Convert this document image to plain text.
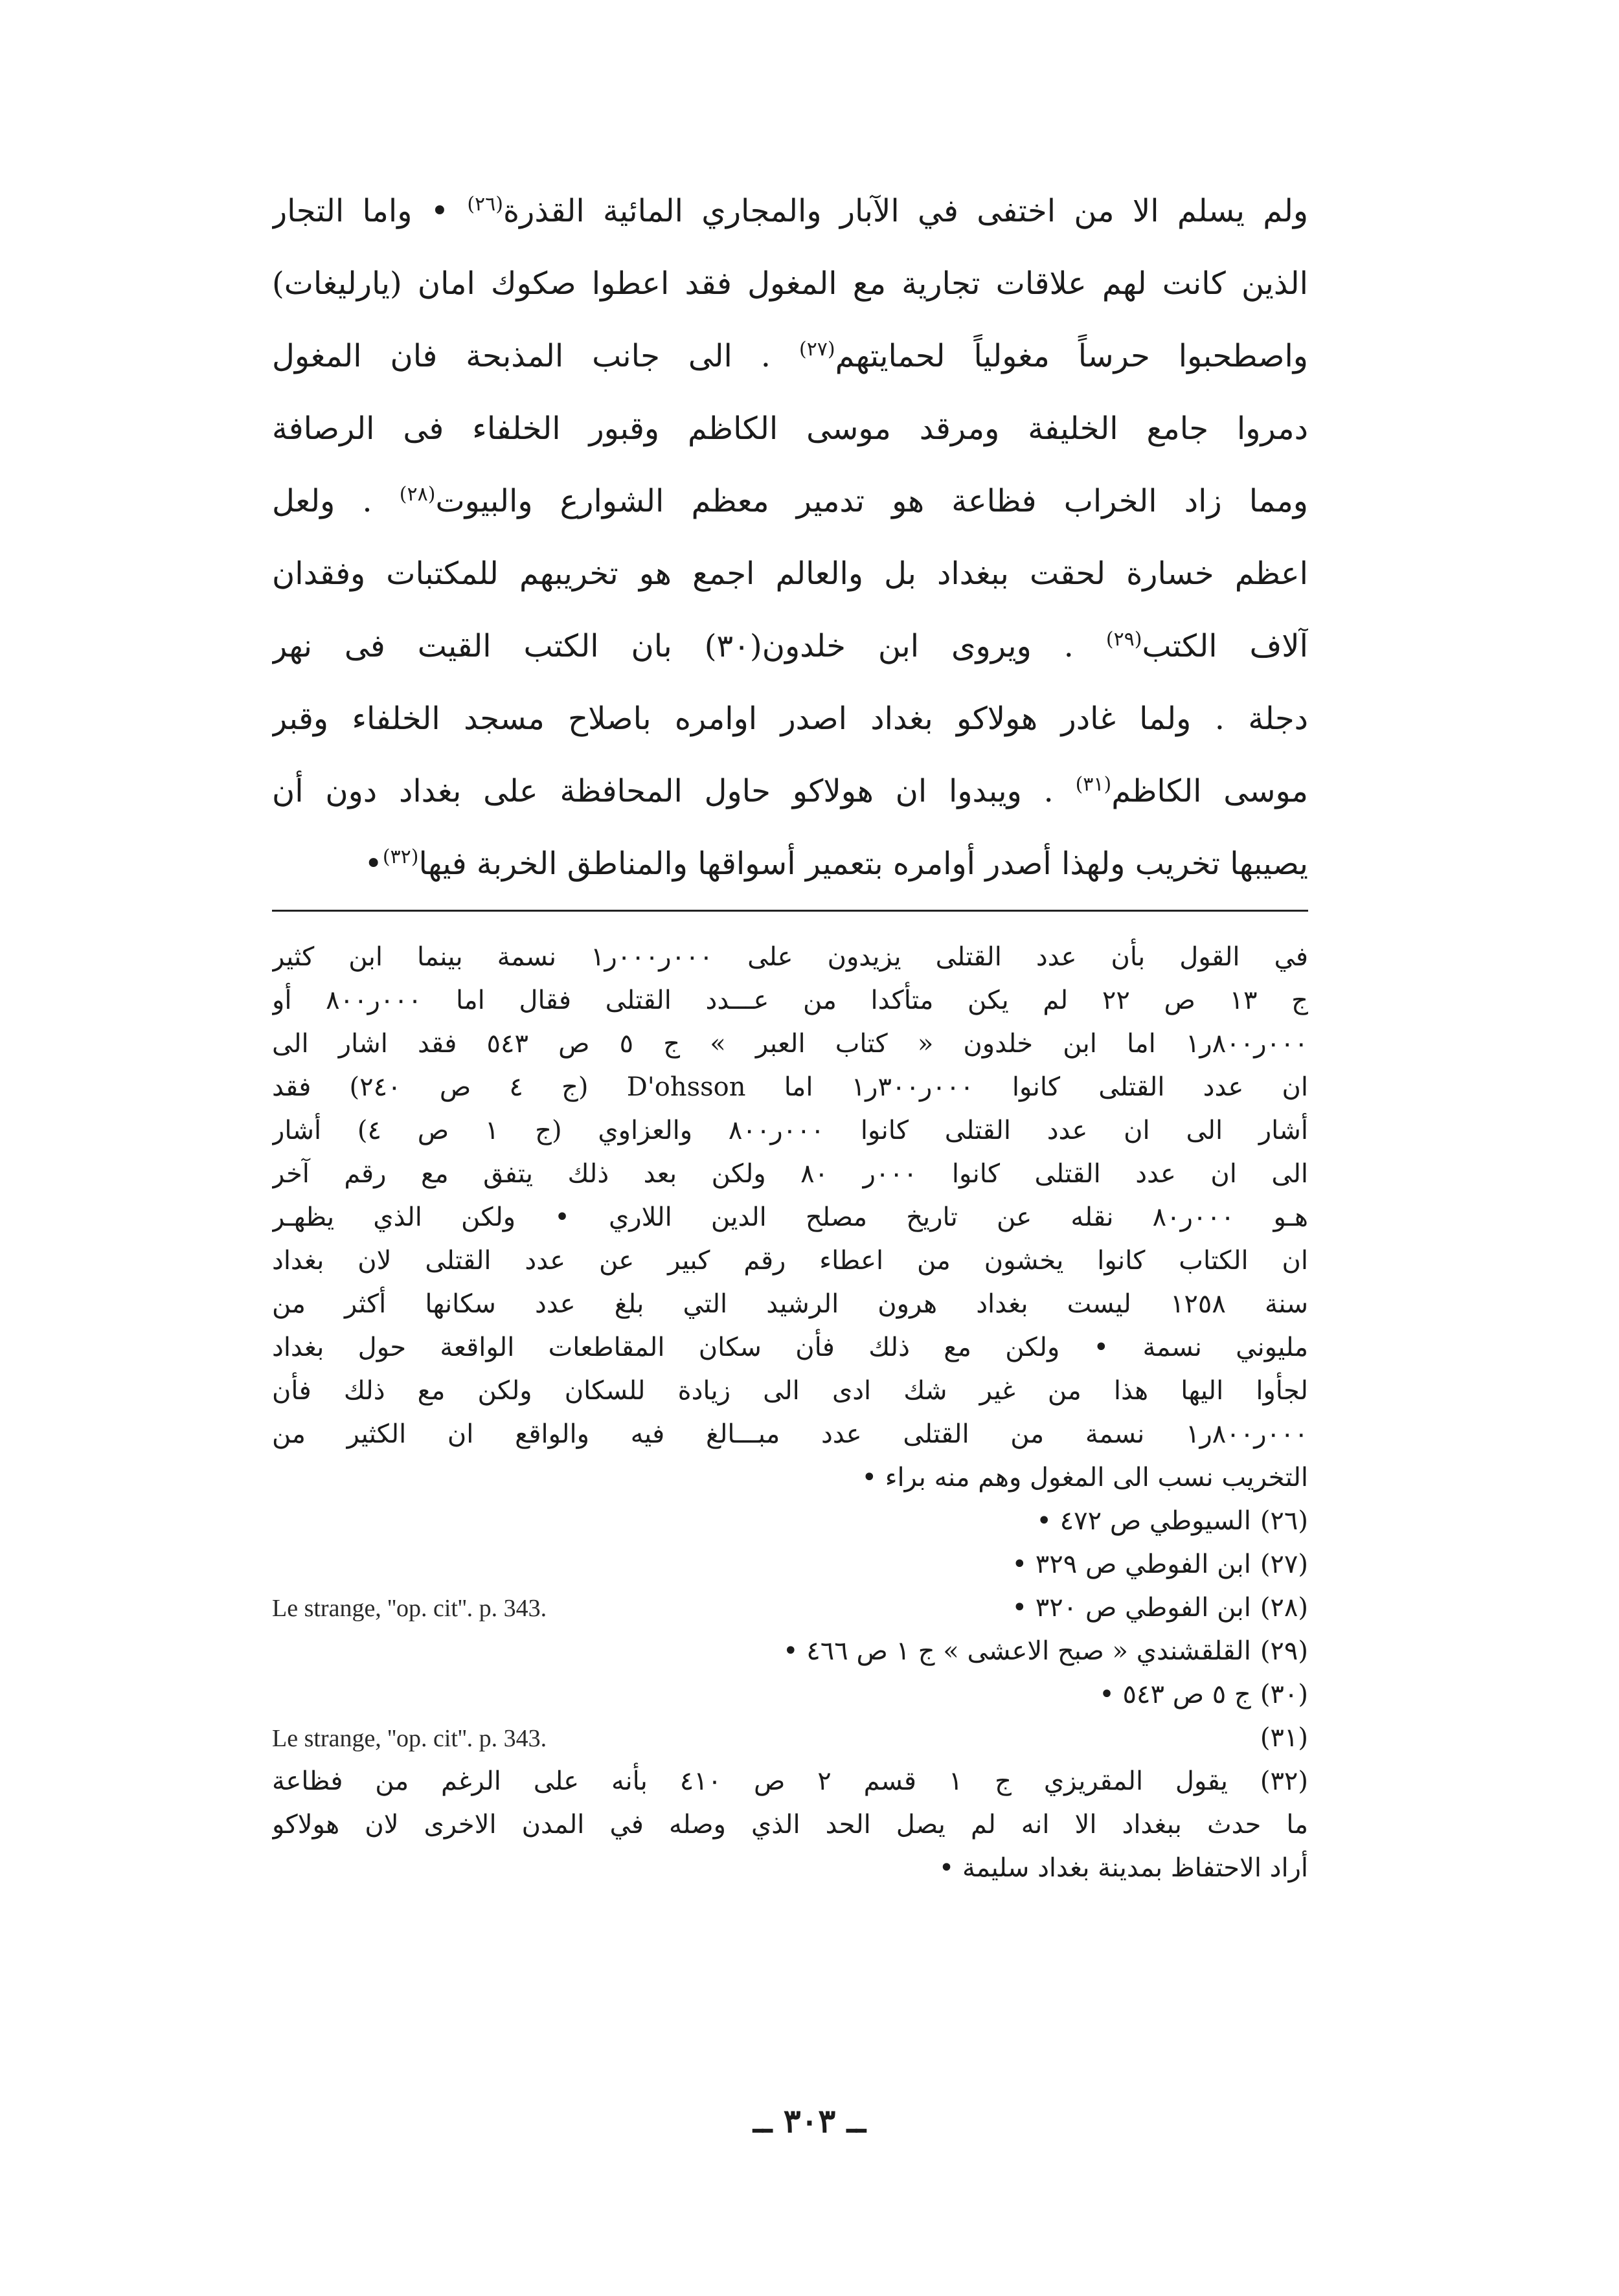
ولم يسلم الا من اختفى في الآبار والمجاري المائية القذرة$^{(٢٦)}$ • واما التجار
الذين كانت لهم علاقات تجارية مع المغول فقد اعطوا صكوك امان (يارليغات)
واصطحبوا حرساً مغولياً لحمايتهم$^{(٢٧)}$ . الى جانب المذبحة فان المغول
دمروا جامع الخليفة ومرقد موسى الكاظم وقبور الخلفاء فى الرصافة
ومما زاد الخراب فظاعة هو تدمير معظم الشوارع والبيوت$^{(٢٨)}$ . ولعل
اعظم خسارة لحقت ببغداد بل والعالم اجمع هو تخريبهم للمكتبات وفقدان
آلاف الكتب$^{(٢٩)}$ . ويروى ابن خلدون(٣٠) بان الكتب القيت فى نهر
دجلة . ولما غادر هولاكو بغداد اصدر اوامره باصلاح مسجد الخلفاء وقبر
موسى الكاظم$^{(٣١)}$ . ويبدوا ان هولاكو حاول المحافظة على بغداد دون أن
يصيبها تخريب ولهذا أصدر أوامره بتعمير أسواقها والمناطق الخربة فيها$^{(٣٢)}$•
في القول بأن عدد القتلى يزيدون على ٠٠٠ر٠٠٠ر١ نسمة بينما ابن كثير
ج ١٣ ص ٢٢ لم يكن متأكدا من عـــدد القتلى فقال اما ٠٠٠ر٨٠٠ أو
٠٠٠ر٨٠٠ر١ اما ابن خلدون « كتاب العبر » ج ٥ ص ٥٤٣ فقد اشار الى
ان عدد القتلى كانوا ٠٠٠ر٣٠٠ر١ اما D'ohsson (ج ٤ ص ٢٤٠) فقد
أشار الى ان عدد القتلى كانوا ٠٠٠ر٨٠٠ والعزاوي (ج ١ ص ٤) أشار
الى ان عدد القتلى كانوا ٠٠٠ر ٨٠ ولكن بعد ذلك يتفق مع رقم آخر
هـو ٠٠٠ر٨٠ نقله عن تاريخ مصلح الدين اللاري • ولكن الذي يظهـر
ان الكتاب كانوا يخشون من اعطاء رقم كبير عن عدد القتلى لان بغداد
سنة ١٢٥٨ ليست بغداد هرون الرشيد التي بلغ عدد سكانها أكثر من
مليوني نسمة • ولكن مع ذلك فأن سكان المقاطعات الواقعة حول بغداد
لجأوا اليها هذا من غير شك ادى الى زيادة للسكان ولكن مع ذلك فأن
٠٠٠ر٨٠٠ر١ نسمة من القتلى عدد مبـــالغ فيه والواقع ان الكثير من
التخريب نسب الى المغول وهم منه براء •
(٢٦)السيوطي ص ٤٧٢ •
(٢٧)ابن الفوطي ص ٣٢٩ •
(٢٨)ابن الفوطي ص ٣٢٠ •
Le strange, ''op. cit''. p. 343.
(٢٩)القلقشندي « صبح الاعشى » ج ١ ص ٤٦٦ •
(٣٠)ج ٥ ص ٥٤٣ •
(٣١)
Le strange, ''op. cit''. p. 343.
(٣٢) يقول المقريزي ج ١ قسم ٢ ص ٤١٠ بأنه على الرغم من فظاعة
ما حدث ببغداد الا انه لم يصل الحد الذي وصله في المدن الاخرى لان هولاكو
أراد الاحتفاظ بمدينة بغداد سليمة •
ــ ٣٠٣ ــ
